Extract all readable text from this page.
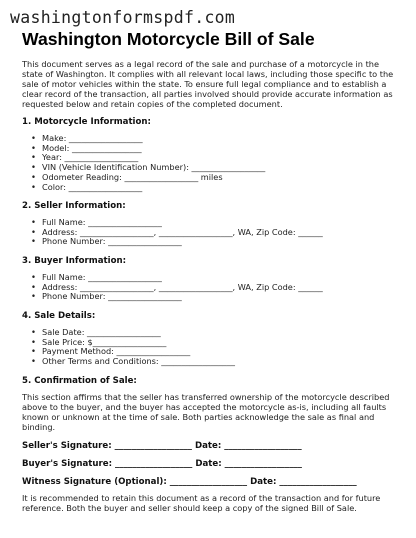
washingtonformspdf.com
Washington Motorcycle Bill of Sale

This document serves as a legal record of the sale and purchase of a motorcycle in the state of Washington. It complies with all relevant local laws, including those specific to the sale of motor vehicles within the state. To ensure full legal compliance and to establish a clear record of the transaction, all parties involved should provide accurate information as requested below and retain copies of the completed document.

1. Motorcycle Information:
• Make: __________________
• Model: _________________
• Year: __________________
• VIN (Vehicle Identification Number): __________________
• Odometer Reading: __________________ miles
• Color: __________________
2. Seller Information:
• Full Name: __________________
• Address: __________________, __________________, WA, Zip Code: ______
• Phone Number: __________________
3. Buyer Information:
• Full Name: __________________
• Address: __________________, __________________, WA, Zip Code: ______
• Phone Number: __________________
4. Sale Details:
• Sale Date: __________________
• Sale Price: $__________________
• Payment Method: __________________
• Other Terms and Conditions: __________________
5. Confirmation of Sale:

This section affirms that the seller has transferred ownership of the motorcycle described above to the buyer, and the buyer has accepted the motorcycle as-is, including all faults known or unknown at the time of sale. Both parties acknowledge the sale as final and binding.

Seller's Signature: __________________ Date: __________________
Buyer's Signature: __________________ Date: __________________
Witness Signature (Optional): __________________ Date: __________________

It is recommended to retain this document as a record of the transaction and for future reference. Both the buyer and seller should keep a copy of the signed Bill of Sale.
